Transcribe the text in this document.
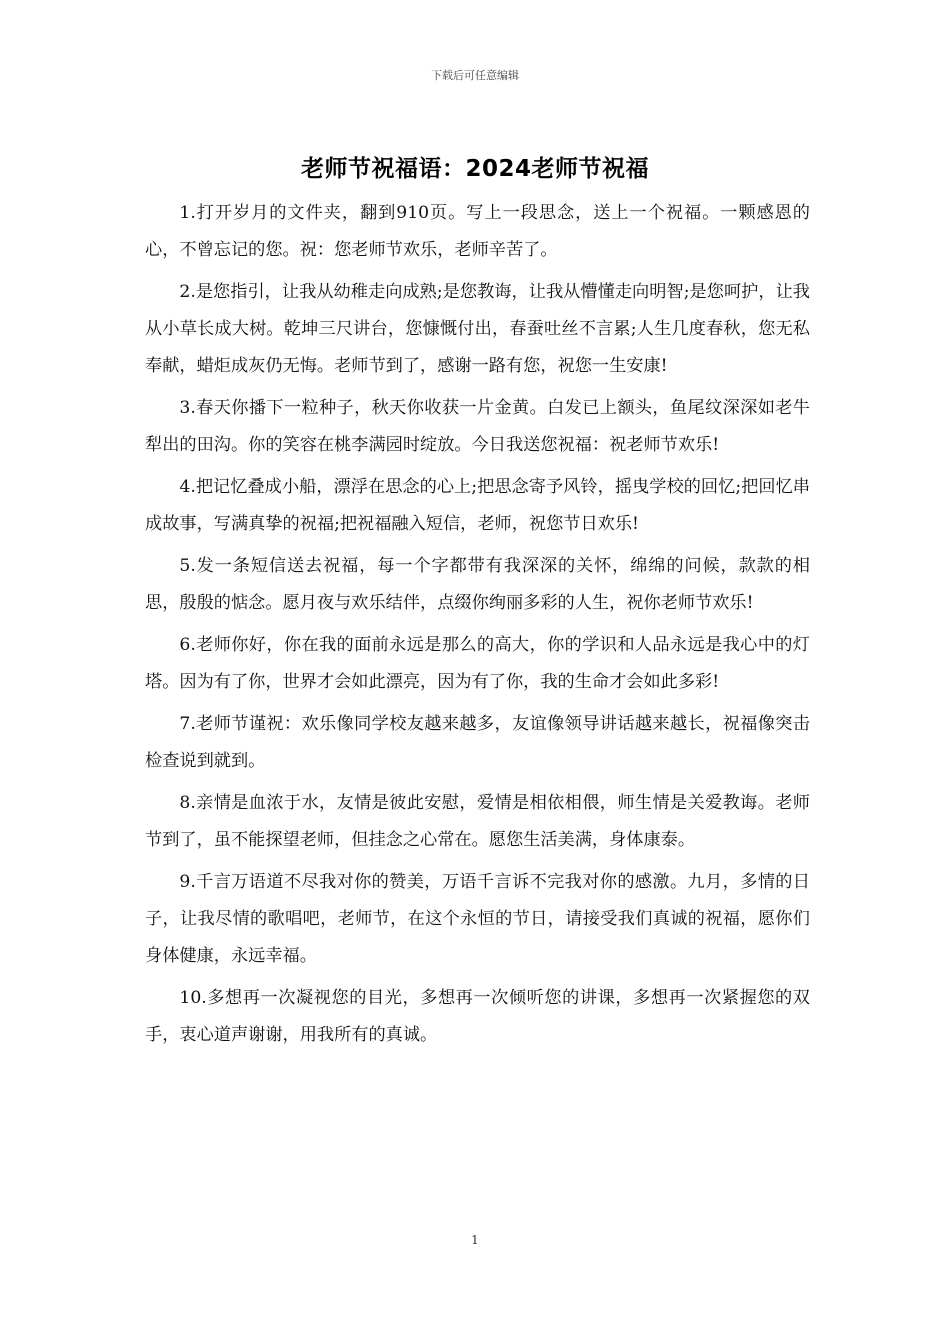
下载后可任意编辑
老师节祝福语：2024老师节祝福

1.打开岁月的文件夹，翻到910页。写上一段思念，送上一个祝福。一颗感恩的心，不曾忘记的您。祝：您老师节欢乐，老师辛苦了。

2.是您指引，让我从幼稚走向成熟;是您教诲，让我从懵懂走向明智;是您呵护，让我从小草长成大树。乾坤三尺讲台，您慷慨付出，春蚕吐丝不言累;人生几度春秋，您无私奉献，蜡炬成灰仍无悔。老师节到了，感谢一路有您，祝您一生安康!

3.春天你播下一粒种子，秋天你收获一片金黄。白发已上额头，鱼尾纹深深如老牛犁出的田沟。你的笑容在桃李满园时绽放。今日我送您祝福：祝老师节欢乐!

4.把记忆叠成小船，漂浮在思念的心上;把思念寄予风铃，摇曳学校的回忆;把回忆串成故事，写满真挚的祝福;把祝福融入短信，老师，祝您节日欢乐!

5.发一条短信送去祝福，每一个字都带有我深深的关怀，绵绵的问候，款款的相思，殷殷的惦念。愿月夜与欢乐结伴，点缀你绚丽多彩的人生，祝你老师节欢乐!

6.老师你好，你在我的面前永远是那么的高大，你的学识和人品永远是我心中的灯塔。因为有了你，世界才会如此漂亮，因为有了你，我的生命才会如此多彩!

7.老师节谨祝：欢乐像同学校友越来越多，友谊像领导讲话越来越长，祝福像突击检查说到就到。

8.亲情是血浓于水，友情是彼此安慰，爱情是相依相偎，师生情是关爱教诲。老师节到了，虽不能探望老师，但挂念之心常在。愿您生活美满，身体康泰。

9.千言万语道不尽我对你的赞美，万语千言诉不完我对你的感激。九月，多情的日子，让我尽情的歌唱吧，老师节，在这个永恒的节日，请接受我们真诚的祝福，愿你们身体健康，永远幸福。

10.多想再一次凝视您的目光，多想再一次倾听您的讲课，多想再一次紧握您的双手，衷心道声谢谢，用我所有的真诚。

1
